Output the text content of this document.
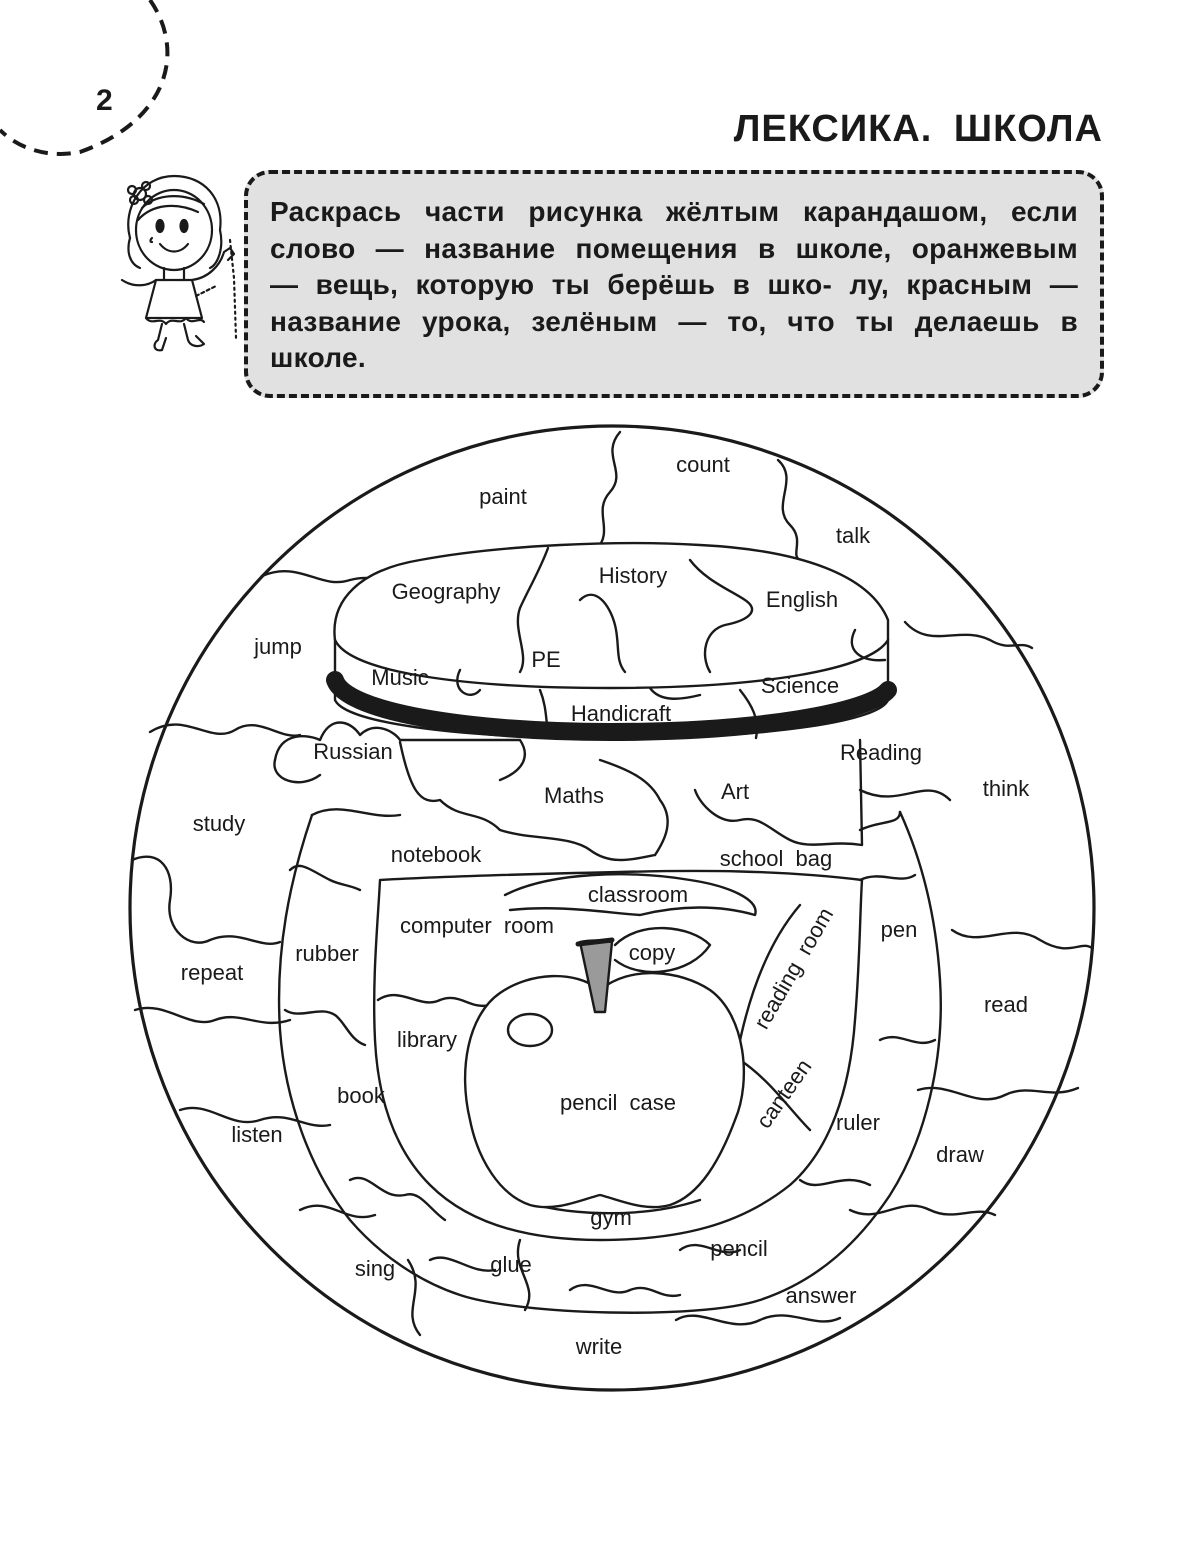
2
ЛЕКСИКА. ШКОЛА

Раскрась части рисунка жёлтым карандашом, если слово — название помещения в школе, оранжевым — вещь, которую ты берёшь в шко- лу, красным — название урока, зелёным — то, что ты делаешь в школе.

count
paint
talk
jump
think
study
repeat
read
listen
draw
sing
answer
write
Geography
History
English
PE
Music	Science
Handicraft
Russian	Reading
Maths	Art
notebook	school bag
pen
rubber
book
ruler
glue
pencil
classroom
computer room
copy	reading room
library
canteen
pencil case
gym
